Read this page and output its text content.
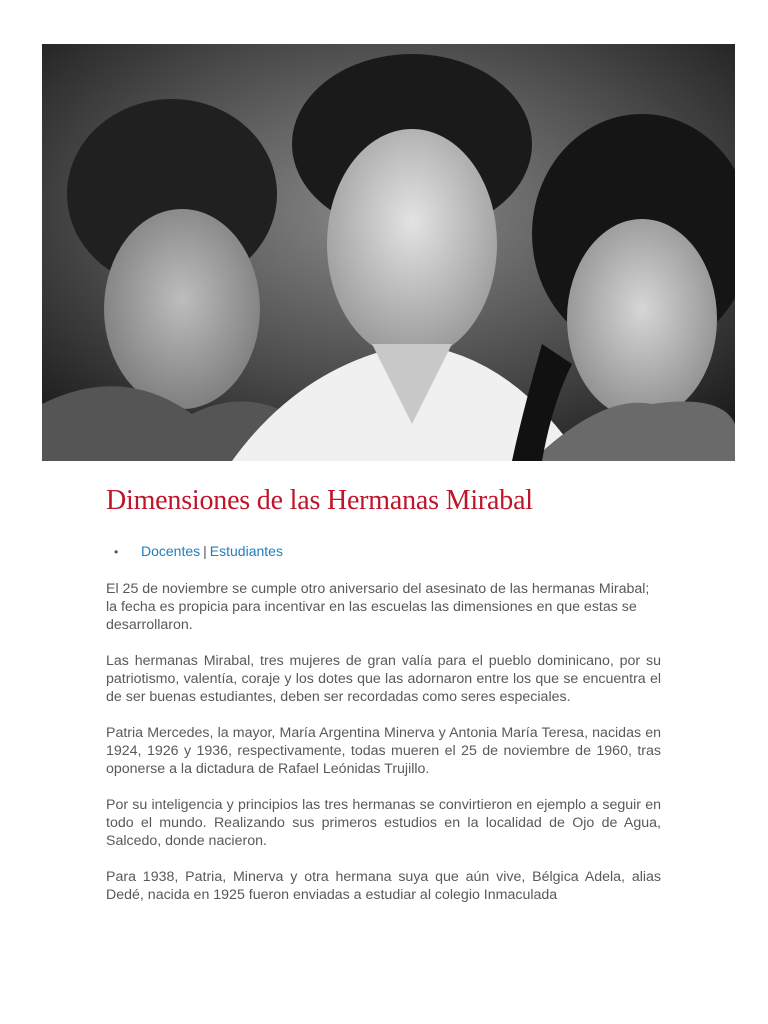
Dimensiones de las Hermanas Mirabal
• Docentes | Estudiantes

El 25 de noviembre se cumple otro aniversario del asesinato de las hermanas Mirabal; la fecha es propicia para incentivar en las escuelas las dimensiones en que estas se desarrollaron.

Las hermanas Mirabal, tres mujeres de gran valía para el pueblo dominicano, por su patriotismo, valentía, coraje y los dotes que las adornaron entre los que se encuentra el de ser buenas estudiantes, deben ser recordadas como seres especiales.

Patria Mercedes, la mayor, María Argentina Minerva y Antonia María Teresa, nacidas en 1924, 1926 y 1936, respectivamente, todas mueren el 25 de noviembre de 1960, tras oponerse a la dictadura de Rafael Leónidas Trujillo.

Por su inteligencia y principios las tres hermanas se convirtieron en ejemplo a seguir en todo el mundo. Realizando sus primeros estudios en la localidad de Ojo de Agua, Salcedo, donde nacieron.

Para 1938, Patria, Minerva y otra hermana suya que aún vive, Bélgica Adela, alias Dedé, nacida en 1925 fueron enviadas a estudiar al colegio Inmaculada
